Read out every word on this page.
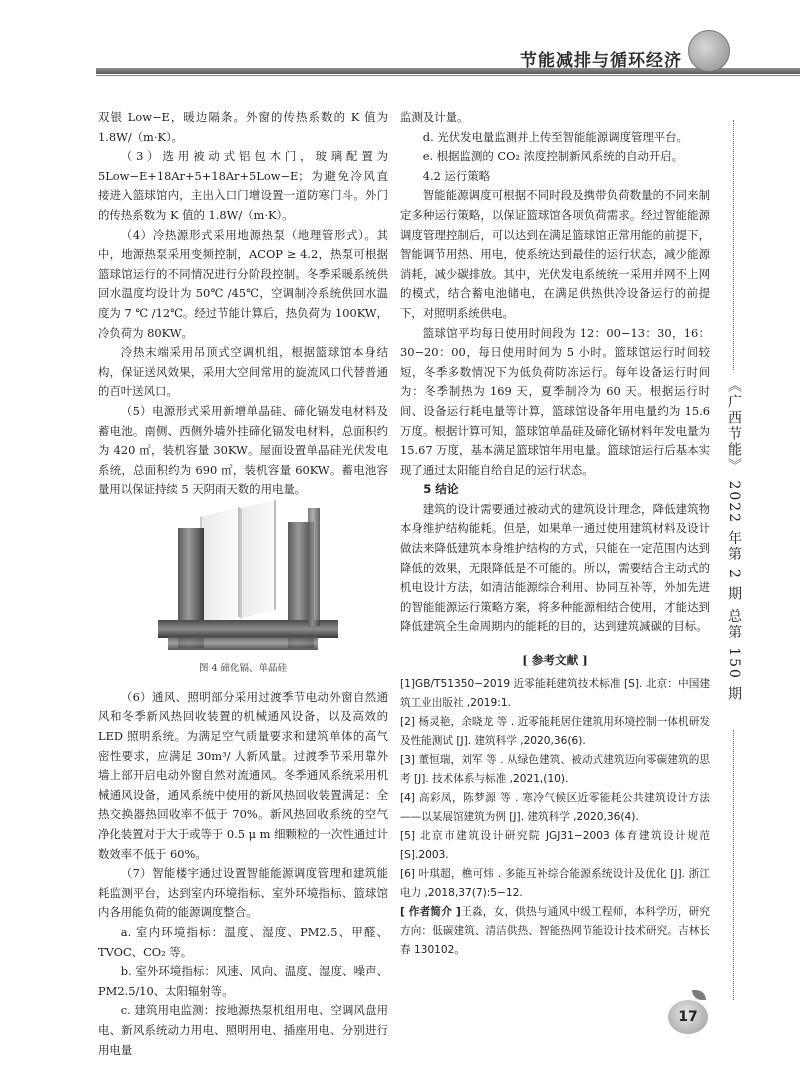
节能减排与循环经济
双银 Low−E，暖边隔条。外窗的传热系数的 K 值为 1.8W/（m·K）。
（3）选用被动式铝包木门，玻璃配置为 5Low−E+18Ar+5+18Ar+5Low−E；为避免冷风直接进入篮球馆内，主出入口门增设置一道防寒门斗。外门的传热系数为 K 值的 1.8W/（m·K）。
（4）冷热源形式采用地源热泵（地理管形式）。其中，地源热泵采用变频控制，ACOP ≥ 4.2，热泵可根据篮球馆运行的不同情况进行分阶段控制。冬季采暖系统供回水温度均设计为 50℃ /45℃，空调制冷系统供回水温度为 7 ℃ /12℃。经过节能计算后，热负荷为 100KW，冷负荷为 80KW。
冷热末端采用吊顶式空调机组，根据篮球馆本身结构，保证送风效果，采用大空间常用的旋流风口代替普通的百叶送风口。
（5）电源形式采用新增单晶硅、碲化镉发电材料及蓄电池。南侧、西侧外墙外挂碲化镉发电材料，总面积约为 420 ㎡，装机容量 30KW。屋面设置单晶硅光伏发电系统，总面积约为 690 ㎡，装机容量 60KW。蓄电池容量用以保证持续 5 天阴雨天数的用电量。
图 4 碲化镉、单晶硅
（6）通风、照明部分采用过渡季节电动外窗自然通风和冬季新风热回收装置的机械通风设备，以及高效的 LED 照明系统。为满足空气质量要求和建筑单体的高气密性要求，应满足 30m³/ 人新风量。过渡季节采用靠外墙上部开启电动外窗自然对流通风。冬季通风系统采用机械通风设备，通风系统中使用的新风热回收装置满足：全热交换器热回收率不低于 70%。新风热回收系统的空气净化装置对于大于或等于 0.5 μ m 细颗粒的一次性通过计数效率不低于 60%。
（7）智能楼宇通过设置智能能源调度管理和建筑能耗监测平台，达到室内环境指标、室外环境指标、篮球馆内各用能负荷的能源调度整合。
a. 室内环境指标：温度、湿度、PM2.5、甲醛、TVOC、CO₂ 等。
b. 室外环境指标：风速、风向、温度、湿度、噪声、PM2.5/10、太阳辐射等。
c. 建筑用电监测：按地源热泵机组用电、空调风盘用电、新风系统动力用电、照明用电、插座用电、分别进行用电量
监测及计量。
d. 光伏发电量监测并上传至智能能源调度管理平台。
e. 根据监测的 CO₂ 浓度控制新风系统的自动开启。
4.2 运行策略
智能能源调度可根据不同时段及携带负荷数量的不同来制定多种运行策略，以保证篮球馆各项负荷需求。经过智能能源调度管理控制后，可以达到在满足篮球馆正常用能的前提下，智能调节用热、用电，使系统达到最佳的运行状态，减少能源消耗，减少碳排放。其中，光伏发电系统统一采用并网不上网的模式，结合蓄电池储电，在满足供热供冷设备运行的前提下，对照明系统供电。
篮球馆平均每日使用时间段为 12：00−13：30，16：30−20：00，每日使用时间为 5 小时。篮球馆运行时间较短，冬季多数情况下为低负荷防冻运行。每年设备运行时间为：冬季制热为 169 天，夏季制冷为 60 天。根据运行时间、设备运行耗电量等计算，篮球馆设备年用电量约为 15.6 万度。根据计算可知，篮球馆单晶硅及碲化镉材料年发电量为 15.67 万度，基本满足篮球馆年用电量。篮球馆运行后基本实现了通过太阳能自给自足的运行状态。
5 结论
建筑的设计需要通过被动式的建筑设计理念，降低建筑物本身维护结构能耗。但是，如果单一通过使用建筑材料及设计做法来降低建筑本身维护结构的方式，只能在一定范围内达到降低的效果，无限降低是不可能的。所以，需要结合主动式的机电设计方法，如清洁能源综合利用、协同互补等，外加先进的智能能源运行策略方案，将多种能源相结合使用，才能达到降低建筑全生命周期内的能耗的目的，达到建筑减碳的目标。
[ 参考文献 ]
[1]GB/T51350−2019 近零能耗建筑技术标准 [S]. 北京：中国建筑工业出版社 ,2019:1.
[2] 杨灵艳，余晓龙 等 . 近零能耗居住建筑用环境控制一体机研发及性能测试 [J]. 建筑科学 ,2020,36(6).
[3] 董恒瑞，刘军 等 . 从绿色建筑、被动式建筑迈向零碳建筑的思考 [J]. 技术体系与标准 ,2021,(10).
[4] 高彩凤，陈梦源 等 . 寒冷气候区近零能耗公共建筑设计方法——以某展馆建筑为例 [J]. 建筑科学 ,2020,36(4).
[5] 北京市建筑设计研究院 JGJ31−2003 体育建筑设计规范 [S].2003.
[6] 叶琪超，樵可炜 . 多能互补综合能源系统设计及优化 [J]. 浙江电力 ,2018,37(7):5−12.
[ 作者简介 ]王淼，女，供热与通风中级工程师，本科学历，研究方向：低碳建筑、清洁供热、智能热网节能设计技术研究。吉林长春 130102。
《广西节能》 2022 年第 2 期 总第 150 期
17
